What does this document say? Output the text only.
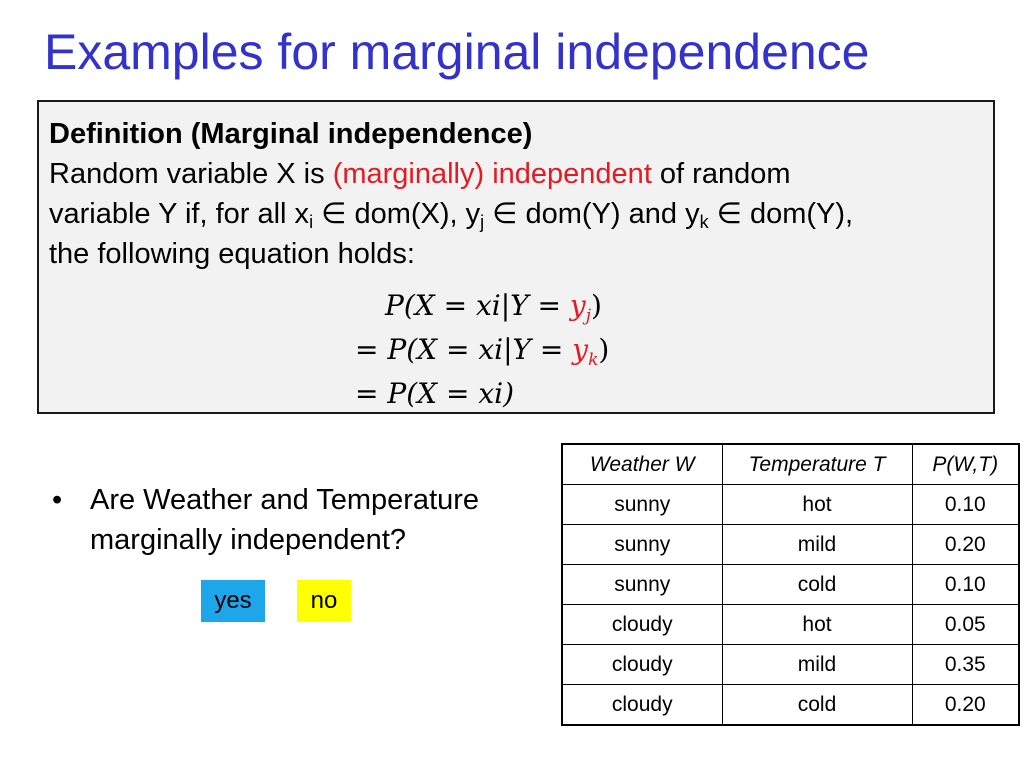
Examples for marginal independence
Definition (Marginal independence)
Random variable X is (marginally) independent of random
variable Y if, for all $x_i$ ∈ dom(X), $y_j$ ∈ dom(Y) and $y_k$ ∈ dom(Y),
the following equation holds:
$P(X = xi|Y = y_j)$
= $P(X = xi|Y = y_k)$
= P(X = xi)
• Are Weather and Temperature marginally independent?
yes	no
Weather W	Temperature T	P(W,T)
sunny	hot	0.10
sunny	mild	0.20
sunny	cold	0.10
cloudy	hot	0.05
cloudy	mild	0.35
cloudy	cold	0.20
